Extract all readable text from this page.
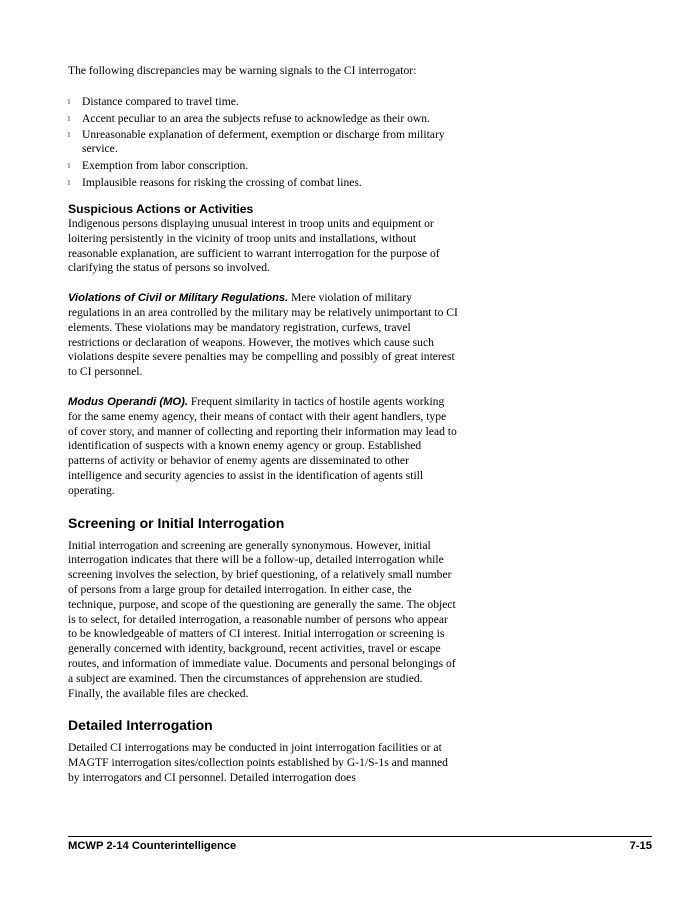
The following discrepancies may be warning signals to the CI interrogator:

l Distance compared to travel time.
l Accent peculiar to an area the subjects refuse to acknowledge as their own.
l Unreasonable explanation of deferment, exemption or discharge from military service.
l Exemption from labor conscription.
l Implausible reasons for risking the crossing of combat lines.
Suspicious Actions or Activities

Indigenous persons displaying unusual interest in troop units and equipment or loitering persistently in the vicinity of troop units and installations, without reasonable explanation, are sufficient to warrant interrogation for the purpose of clarifying the status of persons so involved.

Violations of Civil or Military Regulations. Mere violation of military regulations in an area controlled by the military may be relatively unimportant to CI elements. These violations may be mandatory registration, curfews, travel restrictions or declaration of weapons. However, the motives which cause such violations despite severe penalties may be compelling and possibly of great interest to CI personnel.

Modus Operandi (MO). Frequent similarity in tactics of hostile agents working for the same enemy agency, their means of contact with their agent handlers, type of cover story, and manner of collecting and reporting their information may lead to identification of suspects with a known enemy agency or group. Established patterns of activity or behavior of enemy agents are disseminated to other intelligence and security agencies to assist in the identification of agents still operating.

Screening or Initial Interrogation

Initial interrogation and screening are generally synonymous. However, initial interrogation indicates that there will be a follow-up, detailed interrogation while screening involves the selection, by brief questioning, of a relatively small number of persons from a large group for detailed interrogation. In either case, the technique, purpose, and scope of the questioning are generally the same. The object is to select, for detailed interrogation, a reasonable number of persons who appear to be knowledgeable of matters of CI interest. Initial interrogation or screening is generally concerned with identity, background, recent activities, travel or escape routes, and information of immediate value. Documents and personal belongings of a subject are examined. Then the circumstances of apprehension are studied. Finally, the available files are checked.

Detailed Interrogation

Detailed CI interrogations may be conducted in joint interrogation facilities or at MAGTF interrogation sites/collection points established by G-1/S-1s and manned by interrogators and CI personnel. Detailed interrogation does

MCWP 2-14 Counterintelligence	7-15
